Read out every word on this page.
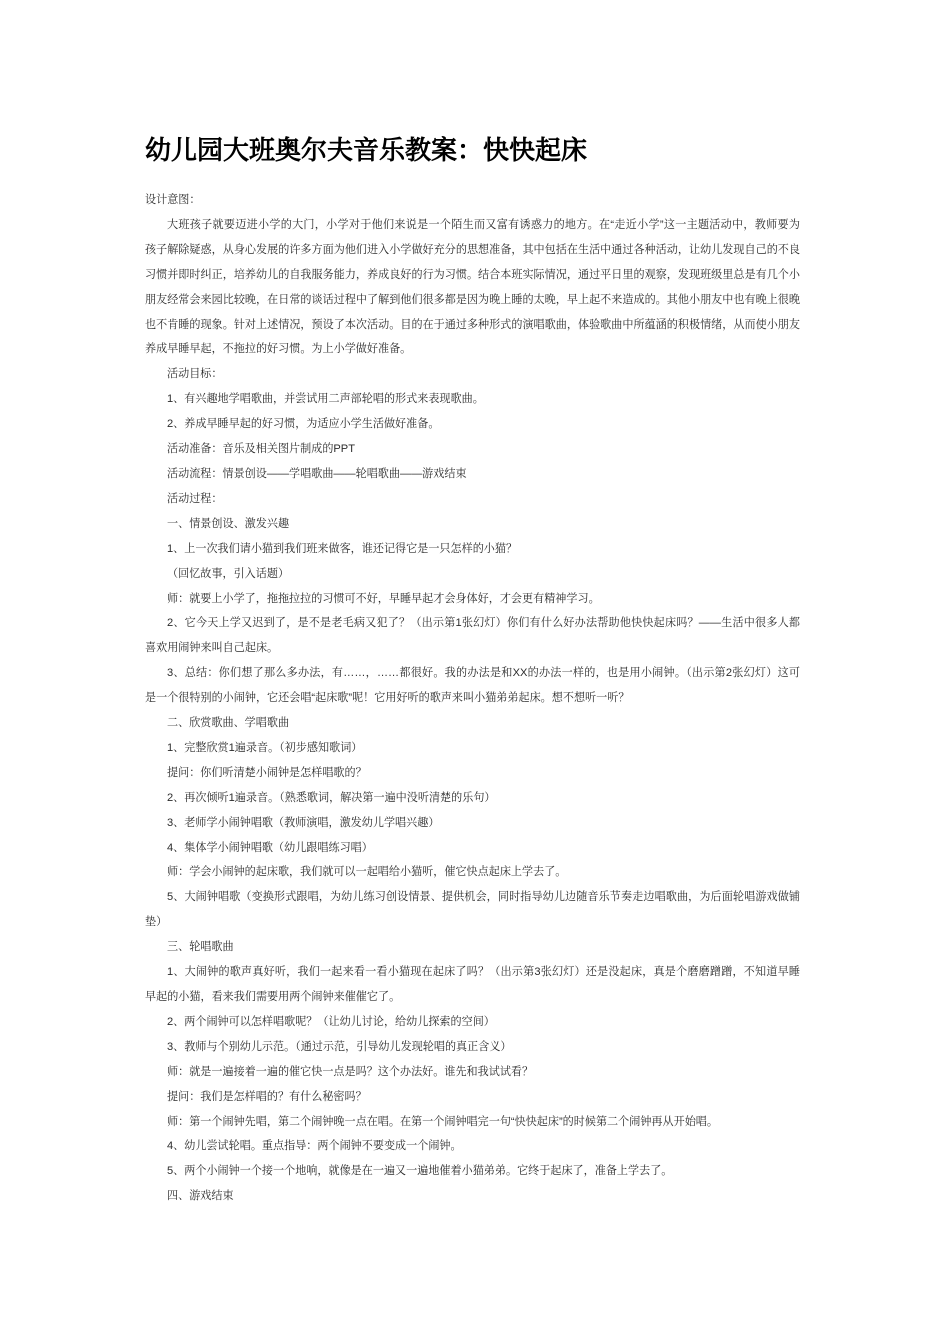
幼儿园大班奥尔夫音乐教案：快快起床
设计意图：
大班孩子就要迈进小学的大门，小学对于他们来说是一个陌生而又富有诱惑力的地方。在“走近小学”这一主题活动中，教师要为
孩子解除疑惑，从身心发展的许多方面为他们进入小学做好充分的思想准备，其中包括在生活中通过各种活动，让幼儿发现自己的不良
习惯并即时纠正，培养幼儿的自我服务能力，养成良好的行为习惯。结合本班实际情况，通过平日里的观察，发现班级里总是有几个小
朋友经常会来园比较晚，在日常的谈话过程中了解到他们很多都是因为晚上睡的太晚，早上起不来造成的。其他小朋友中也有晚上很晚
也不肯睡的现象。针对上述情况，预设了本次活动。目的在于通过多种形式的演唱歌曲，体验歌曲中所蕴涵的积极情绪，从而使小朋友
养成早睡早起，不拖拉的好习惯。为上小学做好准备。
活动目标：
1、有兴趣地学唱歌曲，并尝试用二声部轮唱的形式来表现歌曲。
2、养成早睡早起的好习惯，为适应小学生活做好准备。
活动准备：音乐及相关图片制成的PPT
活动流程：情景创设——学唱歌曲——轮唱歌曲——游戏结束
活动过程：
一、情景创设、激发兴趣
1、上一次我们请小猫到我们班来做客，谁还记得它是一只怎样的小猫？
（回忆故事，引入话题）
师：就要上小学了，拖拖拉拉的习惯可不好，早睡早起才会身体好，才会更有精神学习。
2、它今天上学又迟到了，是不是老毛病又犯了？（出示第1张幻灯）你们有什么好办法帮助他快快起床吗？——生活中很多人都
喜欢用闹钟来叫自己起床。
3、总结：你们想了那么多办法，有……，……都很好。我的办法是和XX的办法一样的，也是用小闹钟。（出示第2张幻灯）这可
是一个很特别的小闹钟，它还会唱“起床歌”呢！它用好听的歌声来叫小猫弟弟起床。想不想听一听？
二、欣赏歌曲、学唱歌曲
1、完整欣赏1遍录音。（初步感知歌词）
提问：你们听清楚小闹钟是怎样唱歌的？
2、再次倾听1遍录音。（熟悉歌词，解决第一遍中没听清楚的乐句）
3、老师学小闹钟唱歌（教师演唱，激发幼儿学唱兴趣）
4、集体学小闹钟唱歌（幼儿跟唱练习唱）
师：学会小闹钟的起床歌，我们就可以一起唱给小猫听，催它快点起床上学去了。
5、大闹钟唱歌（变换形式跟唱，为幼儿练习创设情景、提供机会，同时指导幼儿边随音乐节奏走边唱歌曲，为后面轮唱游戏做铺
垫）
三、轮唱歌曲
1、大闹钟的歌声真好听，我们一起来看一看小猫现在起床了吗？（出示第3张幻灯）还是没起床，真是个磨磨蹭蹭，不知道早睡
早起的小猫，看来我们需要用两个闹钟来催催它了。
2、两个闹钟可以怎样唱歌呢？（让幼儿讨论，给幼儿探索的空间）
3、教师与个别幼儿示范。（通过示范，引导幼儿发现轮唱的真正含义）
师：就是一遍接着一遍的催它快一点是吗？这个办法好。谁先和我试试看？
提问：我们是怎样唱的？有什么秘密吗？
师：第一个闹钟先唱，第二个闹钟晚一点在唱。在第一个闹钟唱完一句“快快起床”的时候第二个闹钟再从开始唱。
4、幼儿尝试轮唱。重点指导：两个闹钟不要变成一个闹钟。
5、两个小闹钟一个接一个地响，就像是在一遍又一遍地催着小猫弟弟。它终于起床了，准备上学去了。
四、游戏结束
